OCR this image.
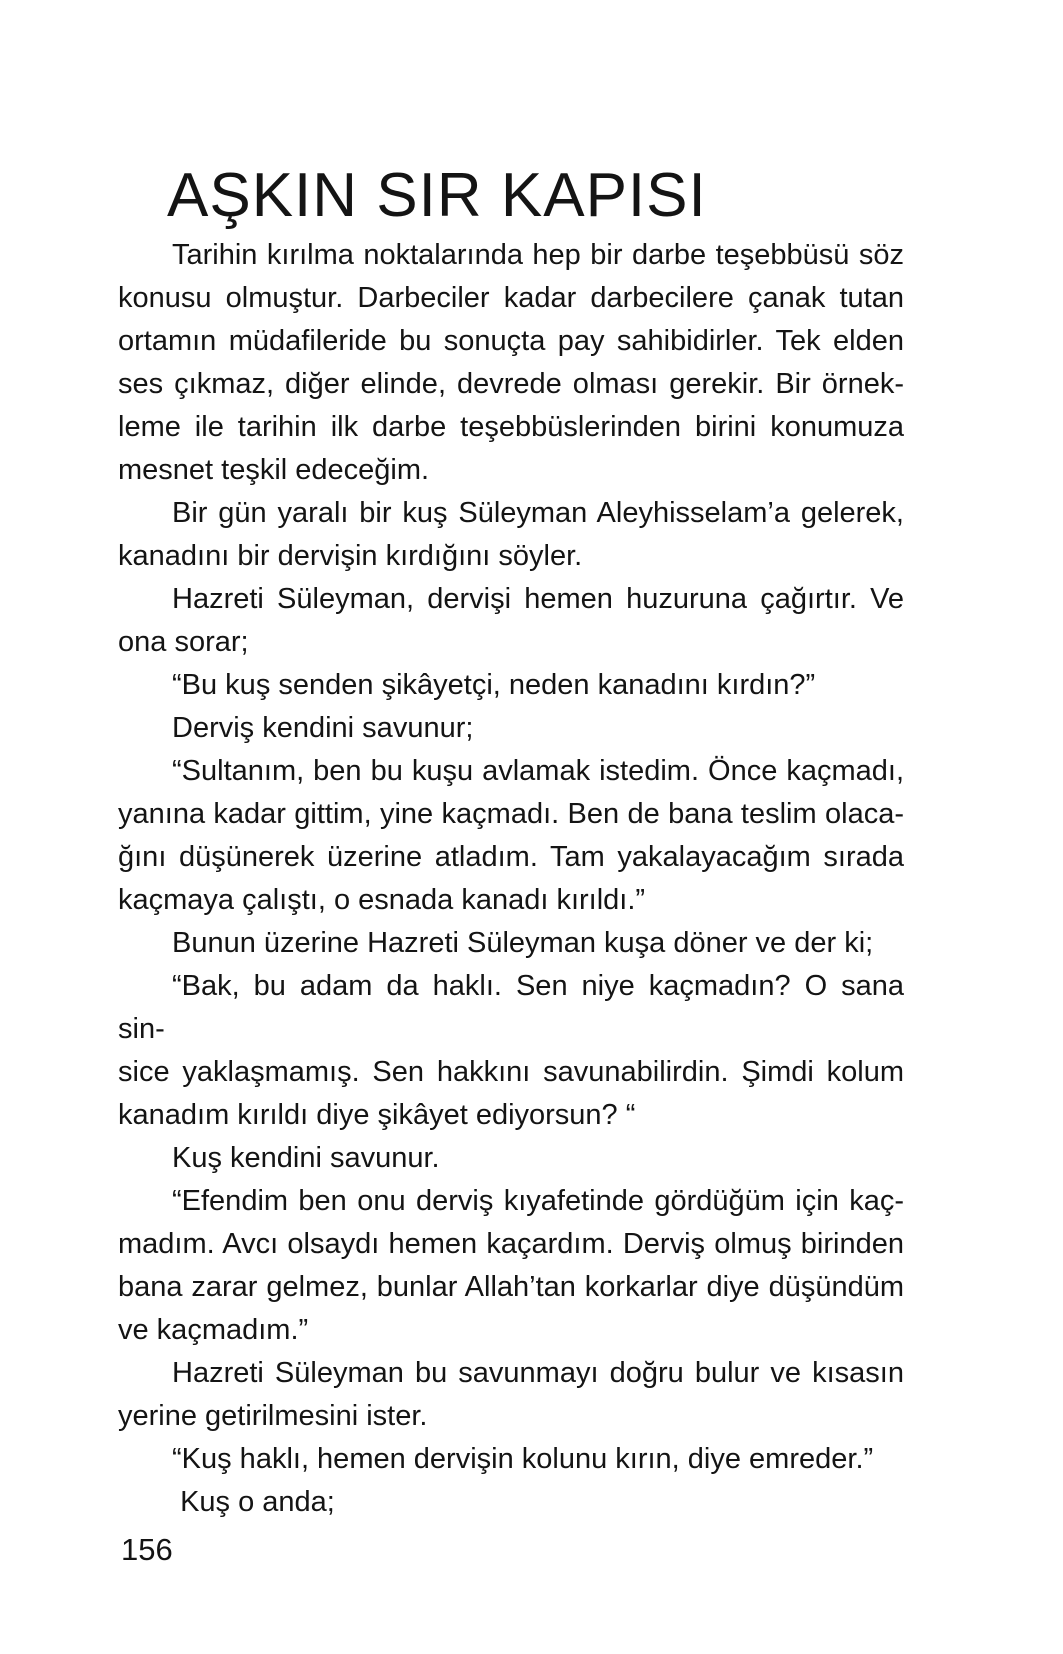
AŞKIN SIR KAPISI
Tarihin kırılma noktalarında hep bir darbe teşebbüsü söz
konusu olmuştur. Darbeciler kadar darbecilere çanak tutan
ortamın müdafileride bu sonuçta pay sahibidirler. Tek elden
ses çıkmaz, diğer elinde, devrede olması gerekir. Bir örnek-
leme ile tarihin ilk darbe teşebbüslerinden birini konumuza
mesnet teşkil edeceğim.
Bir gün yaralı bir kuş Süleyman Aleyhisselam’a gelerek,
kanadını bir dervişin kırdığını söyler.
Hazreti Süleyman, dervişi hemen huzuruna çağırtır. Ve
ona sorar;
“Bu kuş senden şikâyetçi, neden kanadını kırdın?”
Derviş kendini savunur;
“Sultanım, ben bu kuşu avlamak istedim. Önce kaçmadı,
yanına kadar gittim, yine kaçmadı. Ben de bana teslim olaca-
ğını düşünerek üzerine atladım. Tam yakalayacağım sırada
kaçmaya çalıştı, o esnada kanadı kırıldı.”
Bunun üzerine Hazreti Süleyman kuşa döner ve der ki;
“Bak, bu adam da haklı. Sen niye kaçmadın? O sana sin-
sice yaklaşmamış. Sen hakkını savunabilirdin. Şimdi kolum
kanadım kırıldı diye şikâyet ediyorsun? “
Kuş kendini savunur.
“Efendim ben onu derviş kıyafetinde gördüğüm için kaç-
madım. Avcı olsaydı hemen kaçardım. Derviş olmuş birinden
bana zarar gelmez, bunlar Allah’tan korkarlar diye düşündüm
ve kaçmadım.”
Hazreti Süleyman bu savunmayı doğru bulur ve kısasın
yerine getirilmesini ister.
“Kuş haklı, hemen dervişin kolunu kırın, diye emreder.”
Kuş o anda;
156
